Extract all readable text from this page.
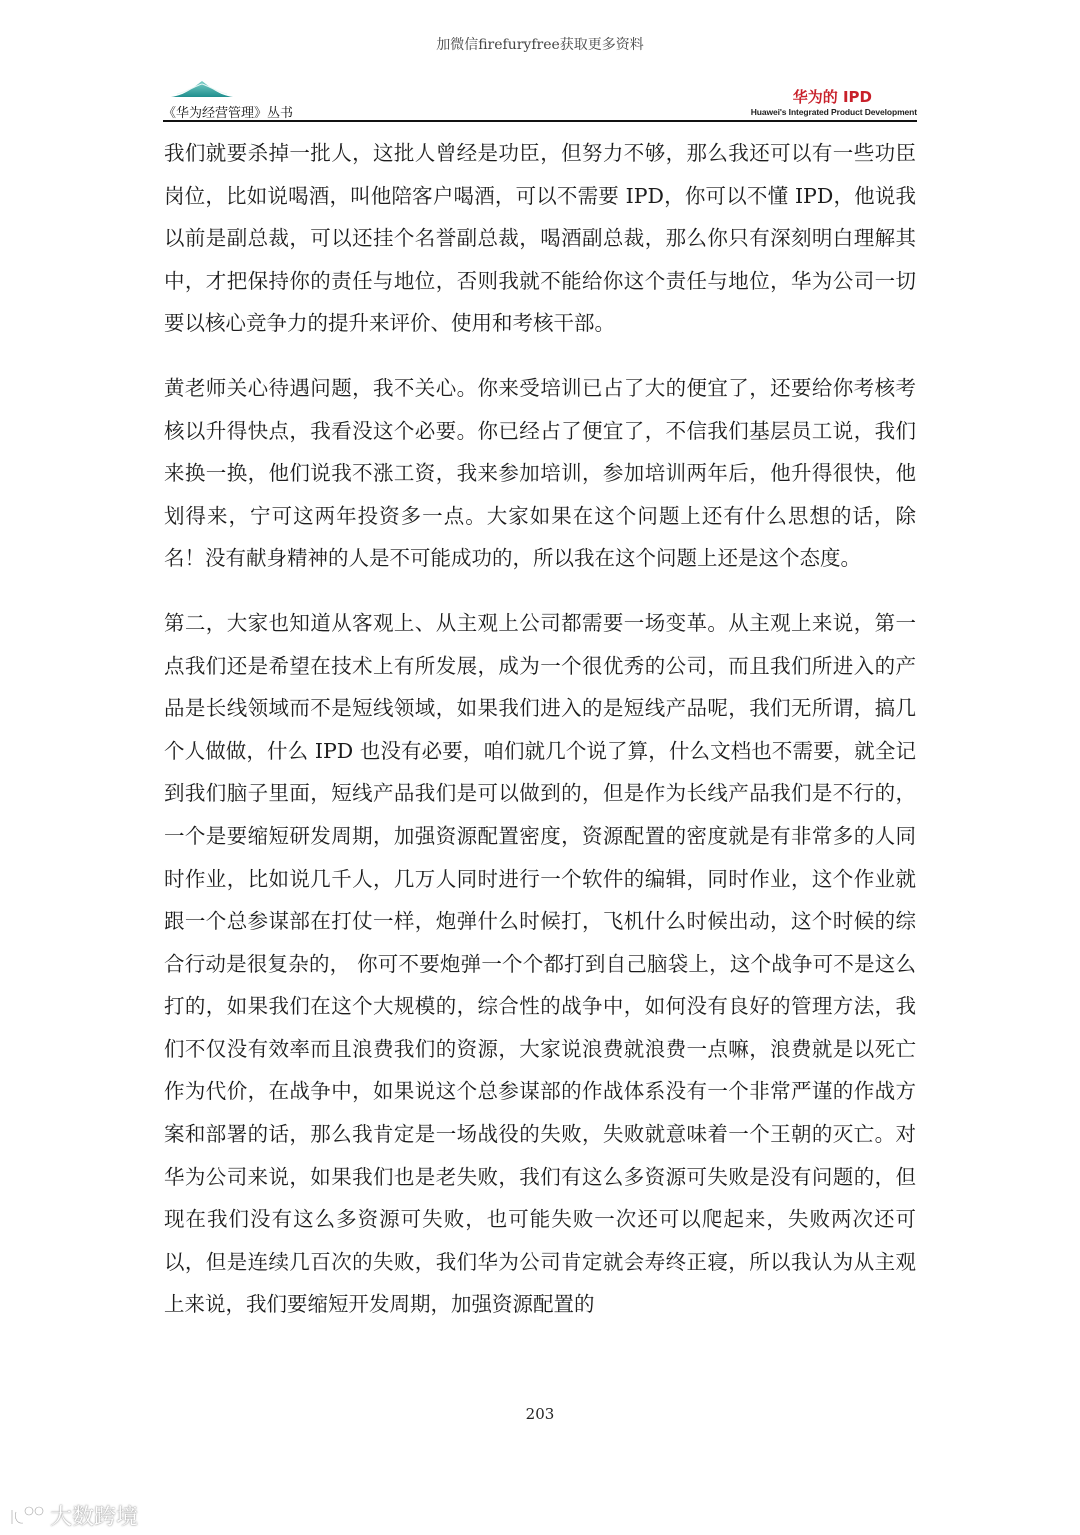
加微信firefuryfree获取更多资料
《华为经营管理》丛书
华为的 IPD
Huawei's Integrated Product Development

我们就要杀掉一批人，这批人曾经是功臣，但努力不够，那么我还可以有一些功臣岗位，比如说喝酒，叫他陪客户喝酒，可以不需要 IPD，你可以不懂 IPD，他说我以前是副总裁，可以还挂个名誉副总裁，喝酒副总裁，那么你只有深刻明白理解其中，才把保持你的责任与地位，否则我就不能给你这个责任与地位，华为公司一切要以核心竞争力的提升来评价、使用和考核干部。

黄老师关心待遇问题，我不关心。你来受培训已占了大的便宜了，还要给你考核考核以升得快点，我看没这个必要。你已经占了便宜了，不信我们基层员工说，我们来换一换，他们说我不涨工资，我来参加培训，参加培训两年后，他升得很快，他划得来，宁可这两年投资多一点。大家如果在这个问题上还有什么思想的话，除名！没有献身精神的人是不可能成功的，所以我在这个问题上还是这个态度。

第二，大家也知道从客观上、从主观上公司都需要一场变革。从主观上来说，第一点我们还是希望在技术上有所发展，成为一个很优秀的公司，而且我们所进入的产品是长线领域而不是短线领域，如果我们进入的是短线产品呢，我们无所谓，搞几个人做做，什么 IPD 也没有必要，咱们就几个说了算，什么文档也不需要，就全记到我们脑子里面，短线产品我们是可以做到的，但是作为长线产品我们是不行的，一个是要缩短研发周期，加强资源配置密度，资源配置的密度就是有非常多的人同时作业，比如说几千人，几万人同时进行一个软件的编辑，同时作业，这个作业就跟一个总参谋部在打仗一样，炮弹什么时候打，飞机什么时候出动，这个时候的综合行动是很复杂的， 你可不要炮弹一个个都打到自己脑袋上，这个战争可不是这么打的，如果我们在这个大规模的，综合性的战争中，如何没有良好的管理方法，我们不仅没有效率而且浪费我们的资源，大家说浪费就浪费一点嘛，浪费就是以死亡作为代价，在战争中，如果说这个总参谋部的作战体系没有一个非常严谨的作战方案和部署的话，那么我肯定是一场战役的失败，失败就意味着一个王朝的灭亡。对华为公司来说，如果我们也是老失败，我们有这么多资源可失败是没有问题的，但现在我们没有这么多资源可失败，也可能失败一次还可以爬起来，失败两次还可以，但是连续几百次的失败，我们华为公司肯定就会寿终正寝，所以我认为从主观上来说，我们要缩短开发周期，加强资源配置的

203
大数跨境
